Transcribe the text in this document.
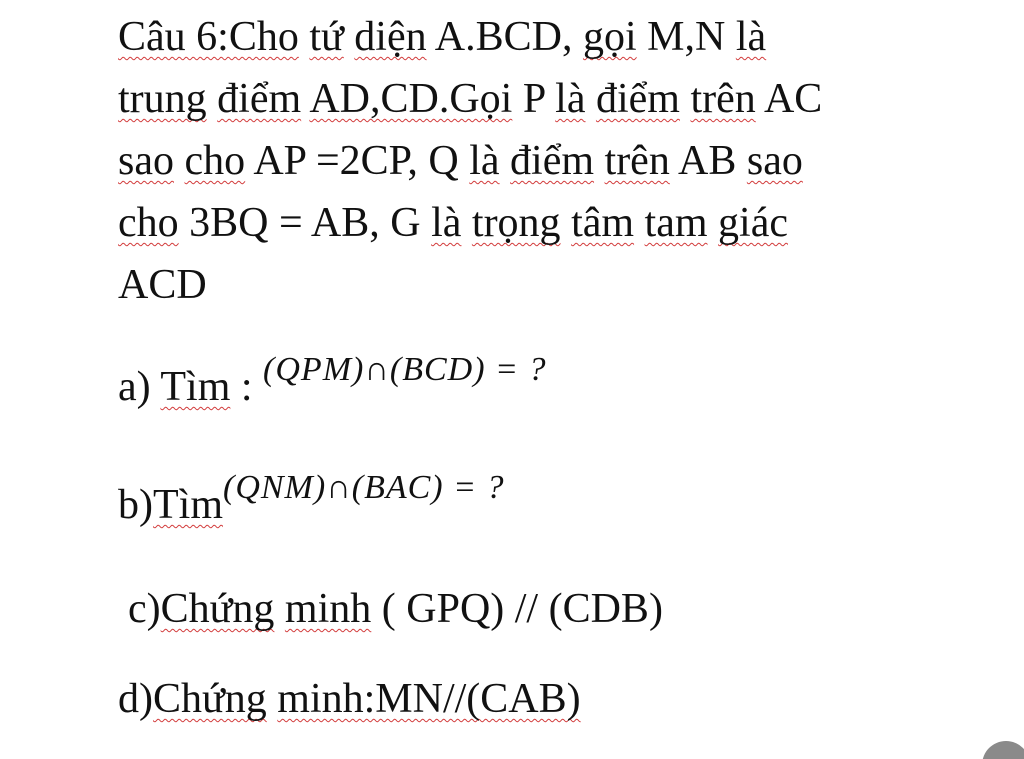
Câu 6:Cho tứ diện A.BCD, gọi M,N là
trung điểm AD,CD.Gọi P là điểm trên AC
sao cho AP =2CP, Q là điểm trên AB sao
cho 3BQ = AB, G là trọng tâm tam giác
ACD
a) Tìm : (QPM)∩(BCD) = ?
b)Tìm(QNM)∩(BAC) = ?
c)Chứng minh ( GPQ) // (CDB)
d)Chứng minh:MN//(CAB)
